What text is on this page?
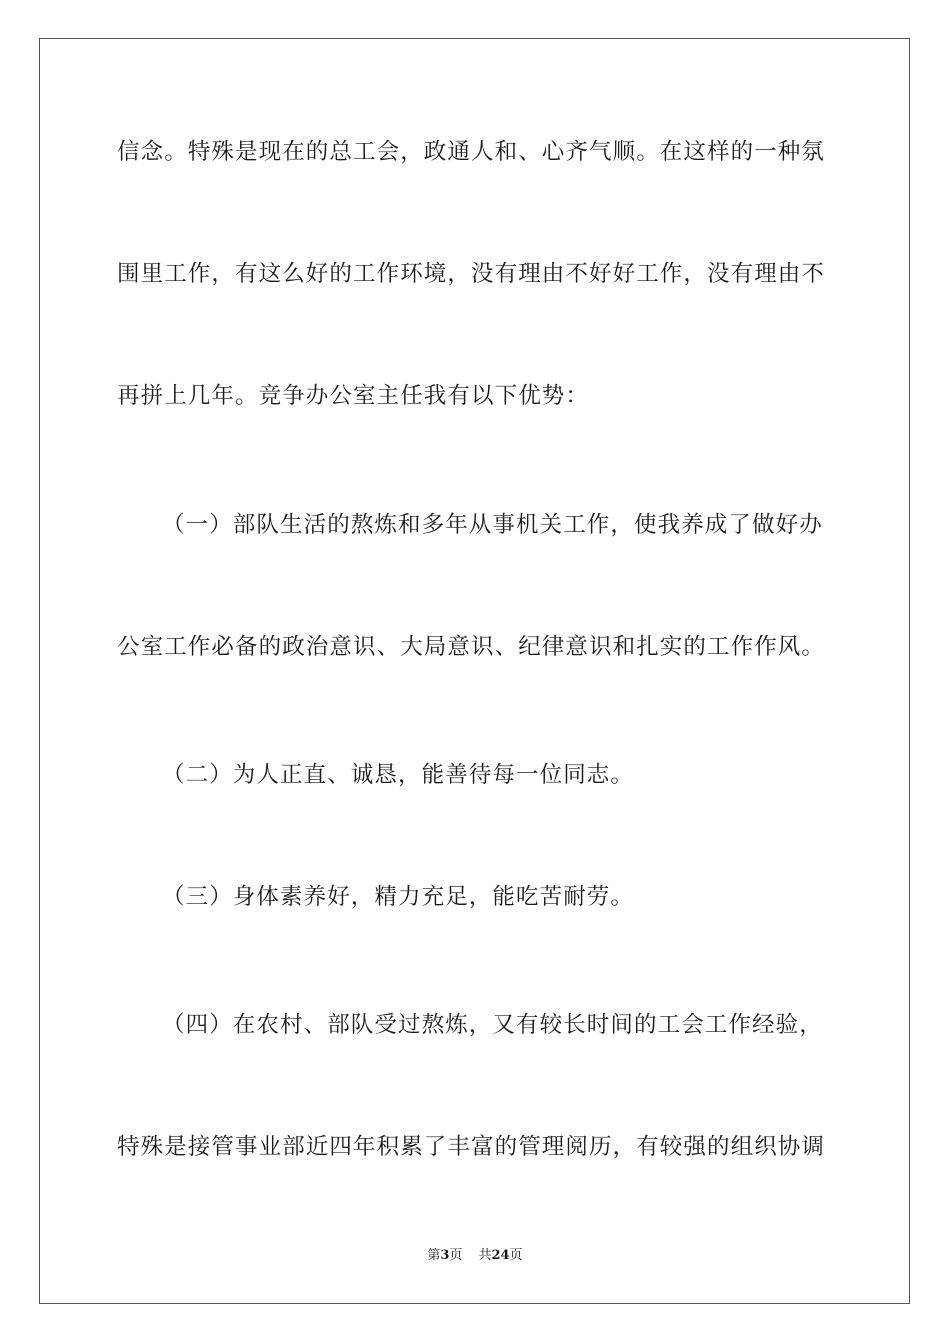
信念。特殊是现在的总工会，政通人和、心齐气顺。在这样的一种氛
围里工作，有这么好的工作环境，没有理由不好好工作，没有理由不
再拼上几年。竞争办公室主任我有以下优势：
（一）部队生活的熬炼和多年从事机关工作，使我养成了做好办
公室工作必备的政治意识、大局意识、纪律意识和扎实的工作作风。
（二）为人正直、诚恳，能善待每一位同志。
（三）身体素养好，精力充足，能吃苦耐劳。
（四）在农村、部队受过熬炼，又有较长时间的工会工作经验，
特殊是接管事业部近四年积累了丰富的管理阅历，有较强的组织协调
第3页 共24页
